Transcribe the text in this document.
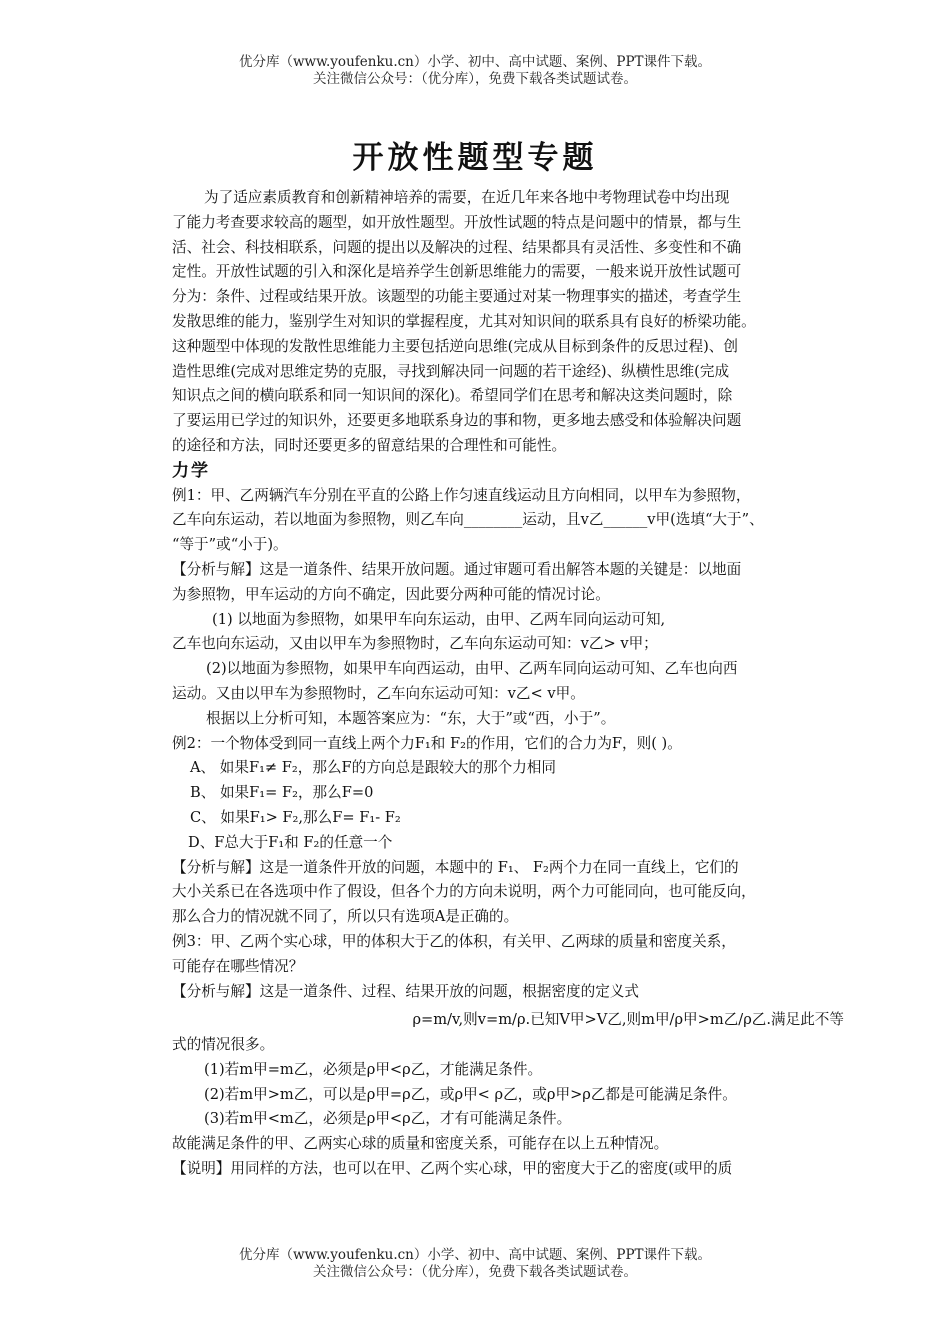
优分库（www.youfenku.cn）小学、初中、高中试题、案例、PPT课件下载。
关注微信公众号：（优分库），免费下载各类试题试卷。
开放性题型专题

为了适应素质教育和创新精神培养的需要，在近几年来各地中考物理试卷中均出现

了能力考查要求较高的题型，如开放性题型。开放性试题的特点是问题中的情景，都与生

活、社会、科技相联系，问题的提出以及解决的过程、结果都具有灵活性、多变性和不确

定性。开放性试题的引入和深化是培养学生创新思维能力的需要，一般来说开放性试题可

分为：条件、过程或结果开放。该题型的功能主要通过对某一物理事实的描述，考查学生

发散思维的能力，鉴别学生对知识的掌握程度，尤其对知识间的联系具有良好的桥梁功能。

这种题型中体现的发散性思维能力主要包括逆向思维(完成从目标到条件的反思过程)、创

造性思维(完成对思维定势的克服，寻找到解决同一问题的若干途经)、纵横性思维(完成

知识点之间的横向联系和同一知识间的深化)。希望同学们在思考和解决这类问题时，除

了要运用已学过的知识外，还要更多地联系身边的事和物，更多地去感受和体验解决问题

的途径和方法，同时还要更多的留意结果的合理性和可能性。

力学

例1：甲、乙两辆汽车分别在平直的公路上作匀速直线运动且方向相同，以甲车为参照物，

乙车向东运动，若以地面为参照物，则乙车向________运动，且v乙______v甲(选填“大于”、

“等于”或“小于)。

【分析与解】这是一道条件、结果开放问题。通过审题可看出解答本题的关键是：以地面

为参照物，甲车运动的方向不确定，因此要分两种可能的情况讨论。

(1) 以地面为参照物，如果甲车向东运动，由甲、乙两车同向运动可知,

乙车也向东运动，又由以甲车为参照物时，乙车向东运动可知：v乙> v甲；

(2)以地面为参照物，如果甲车向西运动，由甲、乙两车同向运动可知、乙车也向西

运动。又由以甲车为参照物时，乙车向东运动可知：v乙< v甲。

根据以上分析可知，本题答案应为：“东，大于”或“西，小于”。

例2：一个物体受到同一直线上两个力F₁和 F₂的作用，它们的合力为F，则( )。

A、 如果F₁≠ F₂，那么F的方向总是跟较大的那个力相同

B、 如果F₁= F₂，那么F=0

C、 如果F₁> F₂,那么F= F₁- F₂

D、F总大于F₁和 F₂的任意一个

【分析与解】这是一道条件开放的问题，本题中的 F₁、 F₂两个力在同一直线上，它们的

大小关系已在各选项中作了假设，但各个力的方向未说明，两个力可能同向，也可能反向，

那么合力的情况就不同了，所以只有选项A是正确的。

例3：甲、乙两个实心球，甲的体积大于乙的体积，有关甲、乙两球的质量和密度关系，

可能存在哪些情况？

【分析与解】这是一道条件、过程、结果开放的问题，根据密度的定义式

ρ=m/v,则v=m/ρ.已知V甲>V乙,则m甲/ρ甲>m乙/ρ乙.满足此不等

式的情况很多。

(1)若m甲=m乙，必须是ρ甲<ρ乙，才能满足条件。

(2)若m甲>m乙，可以是ρ甲=ρ乙，或ρ甲< ρ乙，或ρ甲>ρ乙都是可能满足条件。

(3)若m甲<m乙，必须是ρ甲<ρ乙，才有可能满足条件。

故能满足条件的甲、乙两实心球的质量和密度关系，可能存在以上五种情况。

【说明】用同样的方法，也可以在甲、乙两个实心球，甲的密度大于乙的密度(或甲的质

优分库（www.youfenku.cn）小学、初中、高中试题、案例、PPT课件下载。
关注微信公众号：（优分库），免费下载各类试题试卷。
